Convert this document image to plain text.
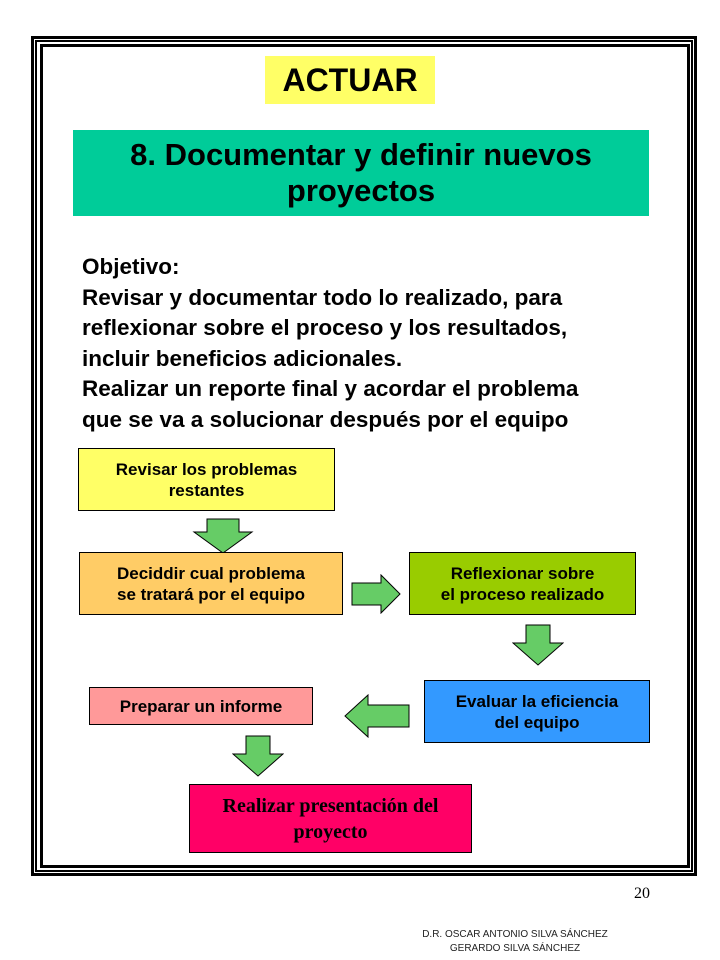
ACTUAR
8. Documentar y definir nuevos
proyectos
Objetivo:
Revisar y documentar todo lo realizado, para
reflexionar sobre el proceso y los resultados,
incluir beneficios adicionales.
Realizar un reporte final y acordar el problema
que se va a solucionar después por el equipo
Revisar los problemas
restantes
Deciddir cual problema
se tratará por el equipo
Reflexionar sobre
el proceso realizado
Evaluar la eficiencia
del equipo
Preparar un informe
Realizar presentación del
proyecto
20
D.R. OSCAR ANTONIO SILVA SÁNCHEZ
GERARDO SILVA SÁNCHEZ
